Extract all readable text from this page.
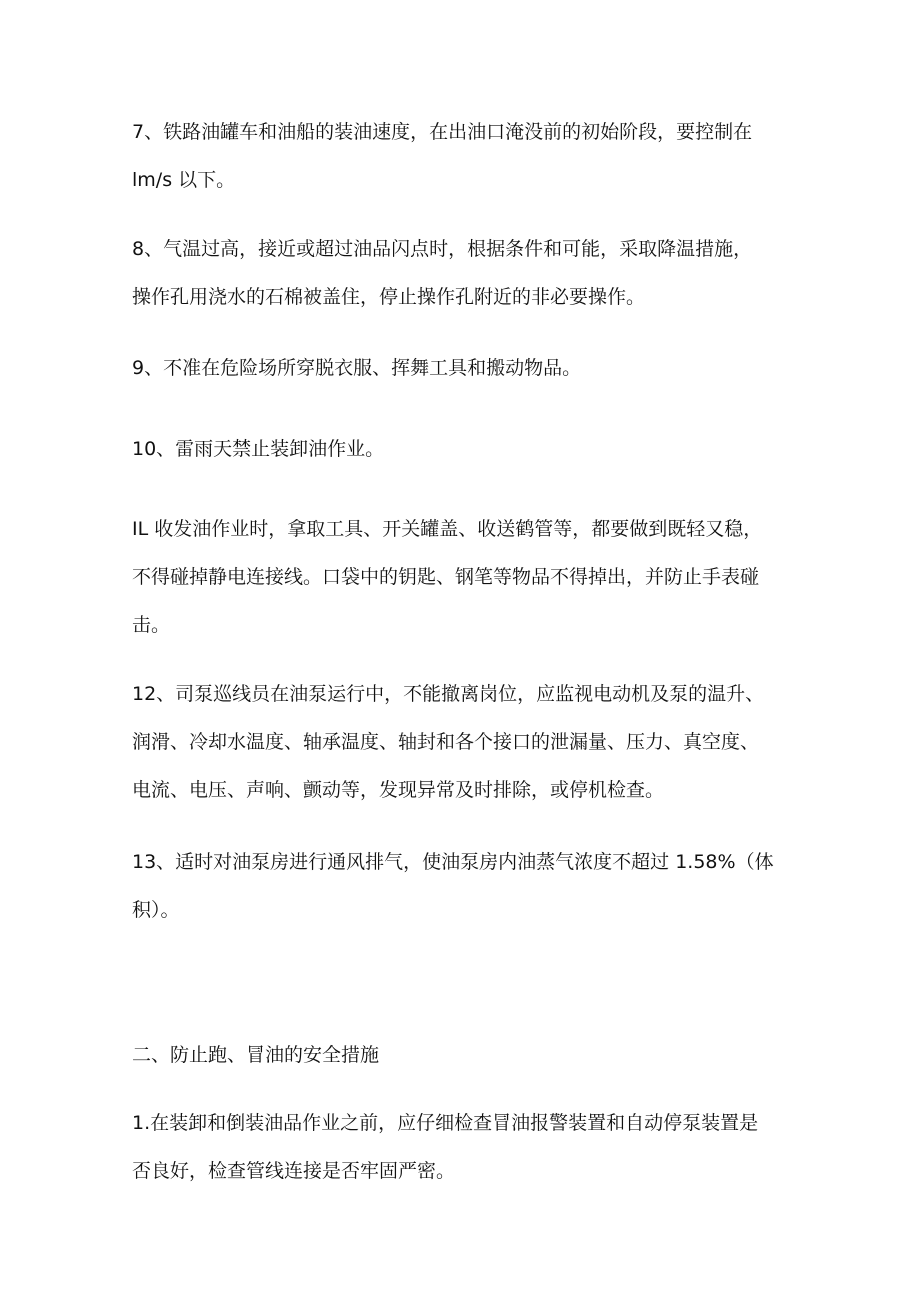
7、铁路油罐车和油船的装油速度，在出油口淹没前的初始阶段，要控制在
lm/s 以下。
8、气温过高，接近或超过油品闪点时，根据条件和可能，采取降温措施，
操作孔用浇水的石棉被盖住，停止操作孔附近的非必要操作。
9、不准在危险场所穿脱衣服、挥舞工具和搬动物品。
10、雷雨天禁止装卸油作业。
IL 收发油作业时，拿取工具、开关罐盖、收送鹤管等，都要做到既轻又稳，
不得碰掉静电连接线。口袋中的钥匙、钢笔等物品不得掉出，并防止手表碰
击。
12、司泵巡线员在油泵运行中，不能撤离岗位，应监视电动机及泵的温升、
润滑、冷却水温度、轴承温度、轴封和各个接口的泄漏量、压力、真空度、
电流、电压、声响、颤动等，发现异常及时排除，或停机检查。
13、适时对油泵房进行通风排气，使油泵房内油蒸气浓度不超过 1.58%（体
积）。
二、防止跑、冒油的安全措施
1.在装卸和倒装油品作业之前，应仔细检查冒油报警装置和自动停泵装置是
否良好，检查管线连接是否牢固严密。
